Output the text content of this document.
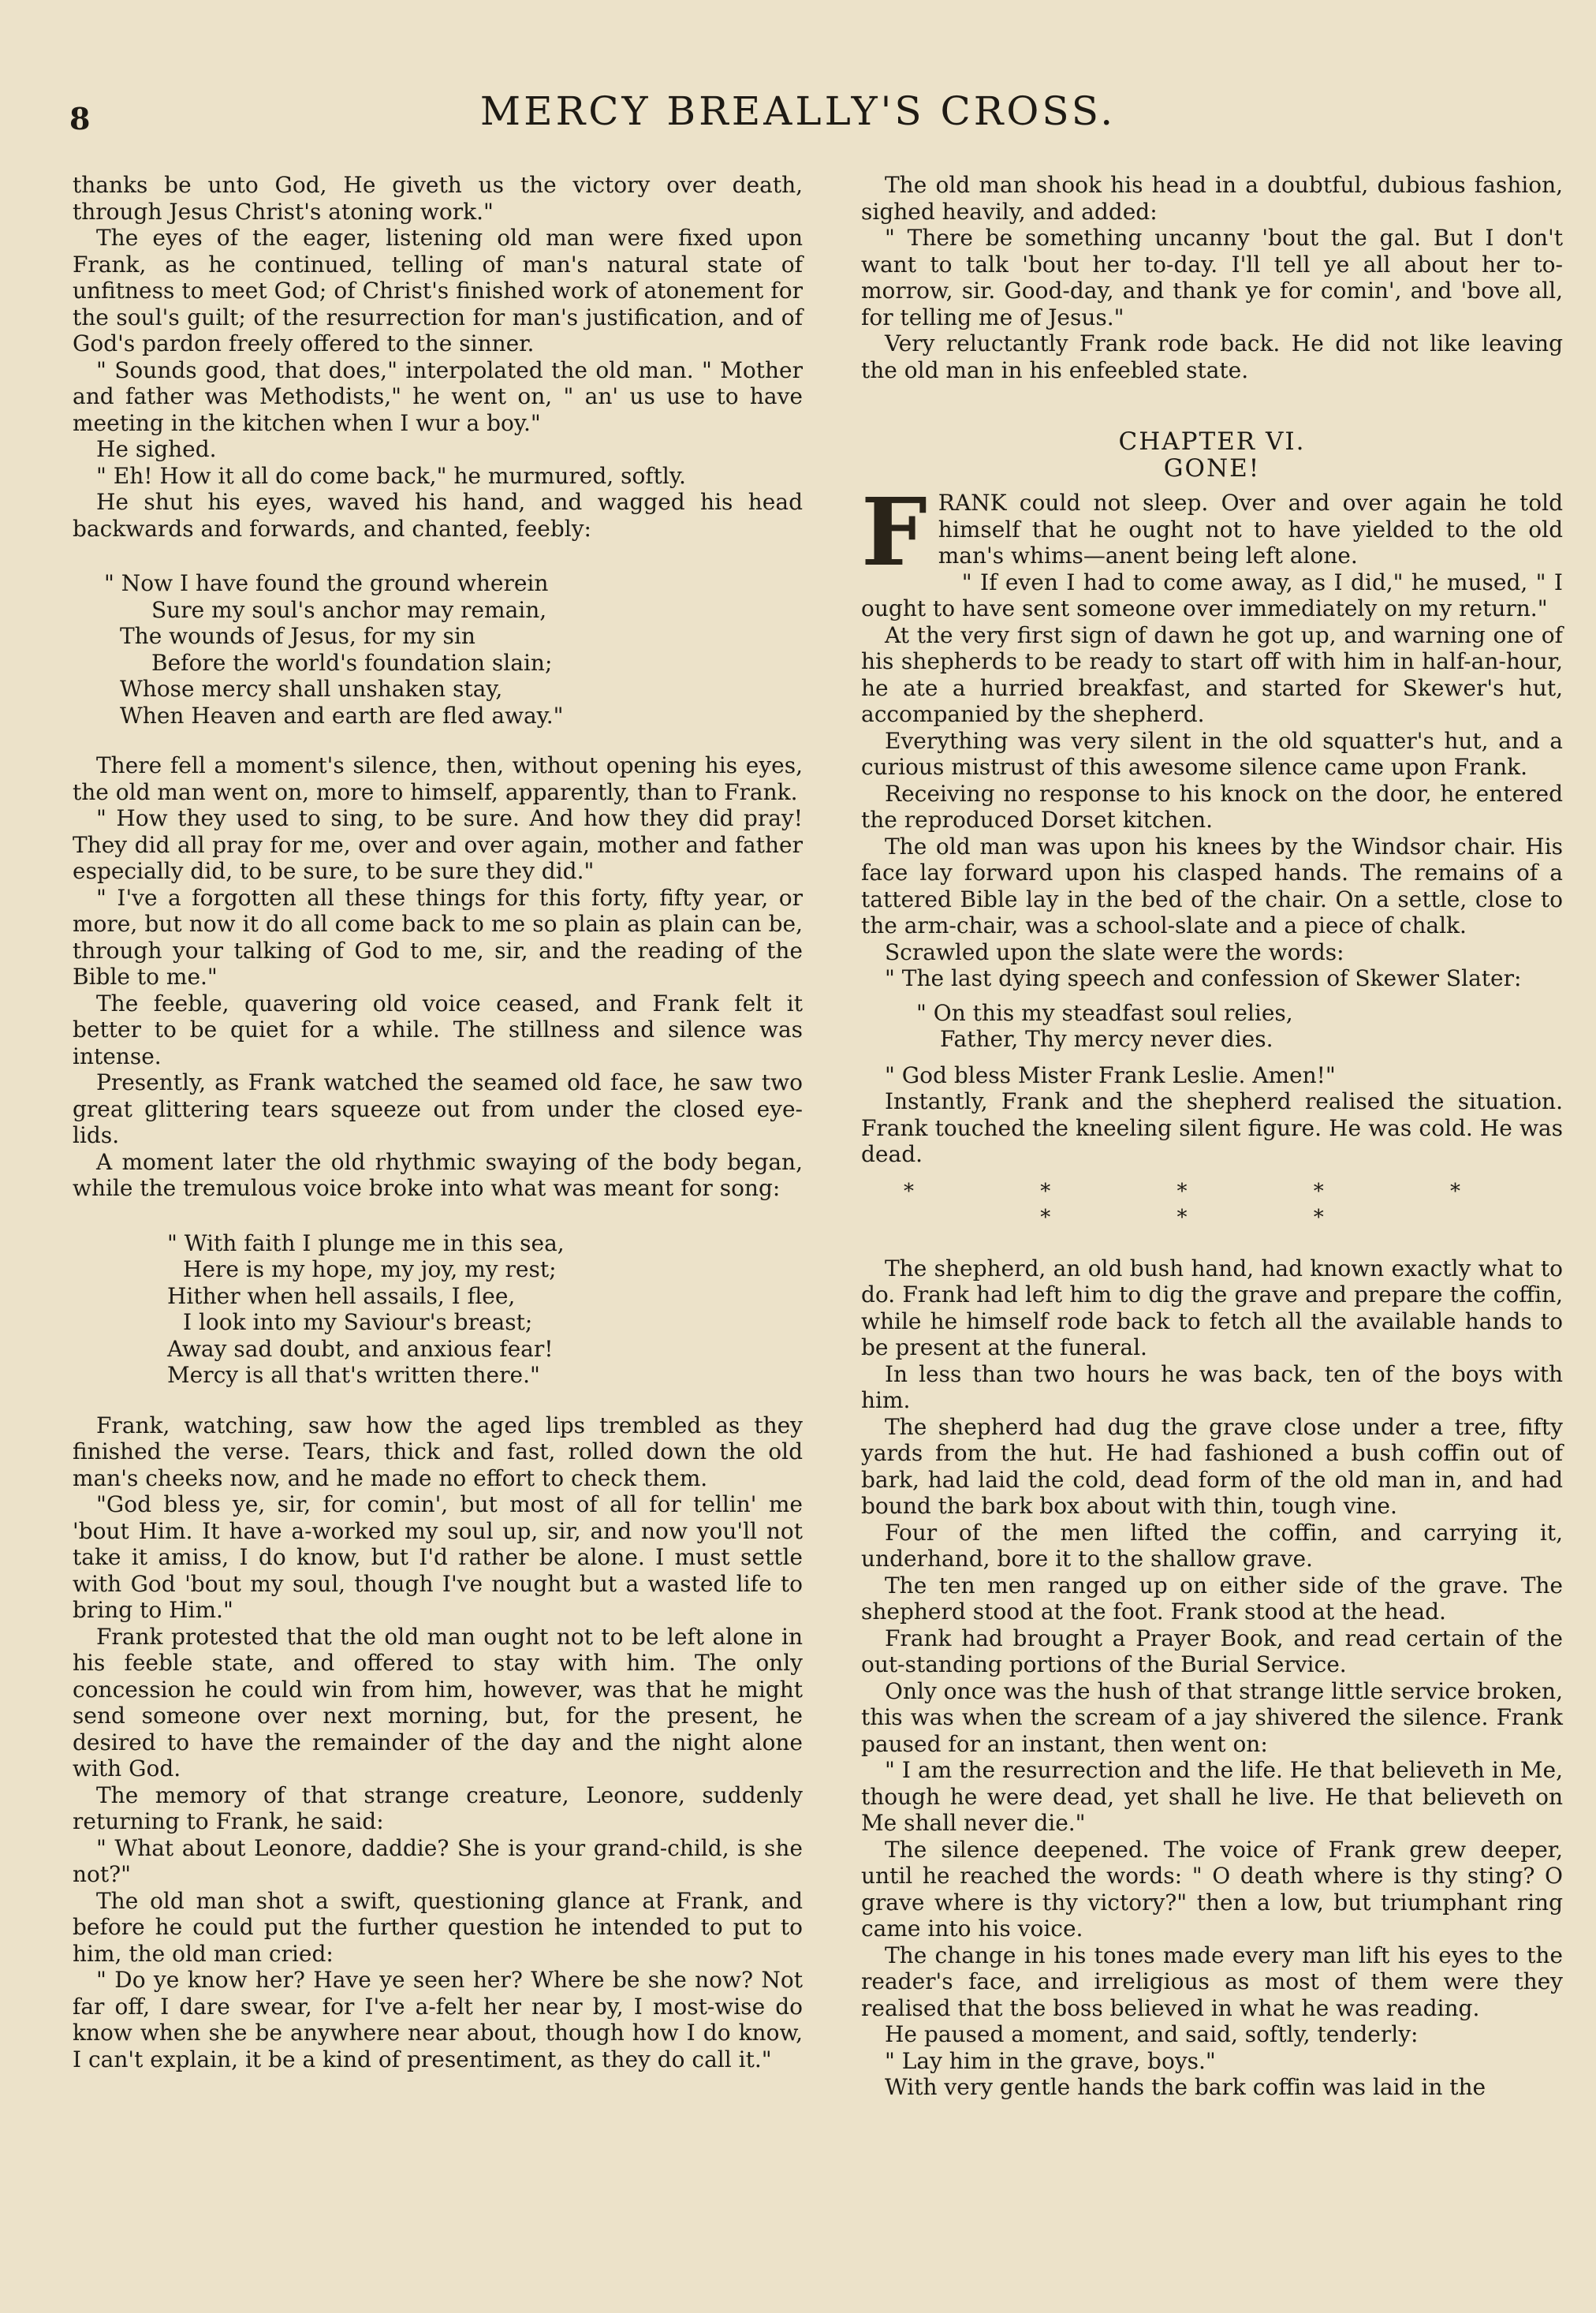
8	MERCY BREALLY'S CROSS.

thanks be unto God, He giveth us the victory over death, through Jesus Christ's atoning work."

The eyes of the eager, listening old man were fixed upon Frank, as he continued, telling of man's natural state of unfitness to meet God; of Christ's finished work of atonement for the soul's guilt; of the resurrection for man's justification, and of God's pardon freely offered to the sinner.

" Sounds good, that does," interpolated the old man. " Mother and father was Methodists," he went on, " an' us use to have meeting in the kitchen when I wur a boy."

He sighed.

" Eh! How it all do come back," he murmured, softly.

He shut his eyes, waved his hand, and wagged his head backwards and forwards, and chanted, feebly:

" Now I have found the ground wherein
Sure my soul's anchor may remain,
The wounds of Jesus, for my sin
Before the world's foundation slain;
Whose mercy shall unshaken stay,
When Heaven and earth are fled away."

There fell a moment's silence, then, without opening his eyes, the old man went on, more to himself, apparently, than to Frank.

" How they used to sing, to be sure. And how they did pray! They did all pray for me, over and over again, mother and father especially did, to be sure, to be sure they did."

" I've a forgotten all these things for this forty, fifty year, or more, but now it do all come back to me so plain as plain can be, through your talking of God to me, sir, and the reading of the Bible to me."

The feeble, quavering old voice ceased, and Frank felt it better to be quiet for a while. The stillness and silence was intense.

Presently, as Frank watched the seamed old face, he saw two great glittering tears squeeze out from under the closed eye-lids.

A moment later the old rhythmic swaying of the body began, while the tremulous voice broke into what was meant for song:

" With faith I plunge me in this sea,
Here is my hope, my joy, my rest;
Hither when hell assails, I flee,
I look into my Saviour's breast;
Away sad doubt, and anxious fear!
Mercy is all that's written there."

Frank, watching, saw how the aged lips trembled as they finished the verse. Tears, thick and fast, rolled down the old man's cheeks now, and he made no effort to check them.

"God bless ye, sir, for comin', but most of all for tellin' me 'bout Him. It have a-worked my soul up, sir, and now you'll not take it amiss, I do know, but I'd rather be alone. I must settle with God 'bout my soul, though I've nought but a wasted life to bring to Him."

Frank protested that the old man ought not to be left alone in his feeble state, and offered to stay with him. The only concession he could win from him, however, was that he might send someone over next morning, but, for the present, he desired to have the remainder of the day and the night alone with God.

The memory of that strange creature, Leonore, suddenly returning to Frank, he said:

" What about Leonore, daddie? She is your grand-child, is she not?"

The old man shot a swift, questioning glance at Frank, and before he could put the further question he intended to put to him, the old man cried:

" Do ye know her? Have ye seen her? Where be she now? Not far off, I dare swear, for I've a-felt her near by, I most-wise do know when she be anywhere near about, though how I do know, I can't explain, it be a kind of presentiment, as they do call it."

The old man shook his head in a doubtful, dubious fashion, sighed heavily, and added:

" There be something uncanny 'bout the gal. But I don't want to talk 'bout her to-day. I'll tell ye all about her to-morrow, sir. Good-day, and thank ye for comin', and 'bove all, for telling me of Jesus."

Very reluctantly Frank rode back. He did not like leaving the old man in his enfeebled state.

CHAPTER VI.
GONE!

FRANK could not sleep. Over and over again he told himself that he ought not to have yielded to the old man's whims—anent being left alone.

" If even I had to come away, as I did," he mused, " I ought to have sent someone over immediately on my return."

At the very first sign of dawn he got up, and warning one of his shepherds to be ready to start off with him in half-an-hour, he ate a hurried breakfast, and started for Skewer's hut, accompanied by the shepherd.

Everything was very silent in the old squatter's hut, and a curious mistrust of this awesome silence came upon Frank.

Receiving no response to his knock on the door, he entered the reproduced Dorset kitchen.

The old man was upon his knees by the Windsor chair. His face lay forward upon his clasped hands. The remains of a tattered Bible lay in the bed of the chair. On a settle, close to the arm-chair, was a school-slate and a piece of chalk.

Scrawled upon the slate were the words:

" The last dying speech and confession of Skewer Slater:

" On this my steadfast soul relies,
Father, Thy mercy never dies.

" God bless Mister Frank Leslie. Amen!"

Instantly, Frank and the shepherd realised the situation. Frank touched the kneeling silent figure. He was cold. He was dead.

* * * * * * * *

The shepherd, an old bush hand, had known exactly what to do. Frank had left him to dig the grave and prepare the coffin, while he himself rode back to fetch all the available hands to be present at the funeral.

In less than two hours he was back, ten of the boys with him.

The shepherd had dug the grave close under a tree, fifty yards from the hut. He had fashioned a bush coffin out of bark, had laid the cold, dead form of the old man in, and had bound the bark box about with thin, tough vine.

Four of the men lifted the coffin, and carrying it, underhand, bore it to the shallow grave.

The ten men ranged up on either side of the grave. The shepherd stood at the foot. Frank stood at the head.

Frank had brought a Prayer Book, and read certain of the out-standing portions of the Burial Service.

Only once was the hush of that strange little service broken, this was when the scream of a jay shivered the silence. Frank paused for an instant, then went on:

" I am the resurrection and the life. He that believeth in Me, though he were dead, yet shall he live. He that believeth on Me shall never die."

The silence deepened. The voice of Frank grew deeper, until he reached the words: " O death where is thy sting? O grave where is thy victory?" then a low, but triumphant ring came into his voice.

The change in his tones made every man lift his eyes to the reader's face, and irreligious as most of them were they realised that the boss believed in what he was reading.

He paused a moment, and said, softly, tenderly:

" Lay him in the grave, boys."

With very gentle hands the bark coffin was laid in the
